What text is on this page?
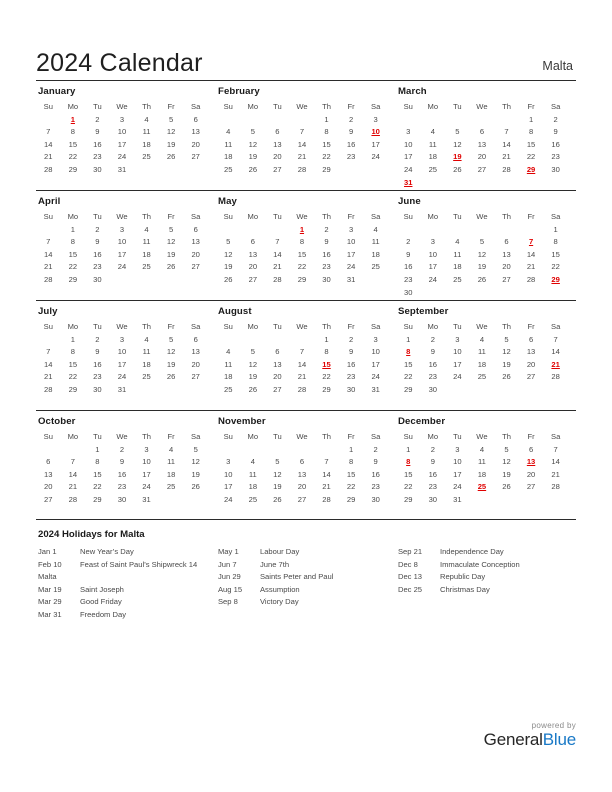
2024 Calendar	Malta
January
Su	Mo	Tu	We	Th	Fr	Sa
	1	2	3	4	5	6
7	8	9	10	11	12	13
14	15	16	17	18	19	20
21	22	23	24	25	26	27
28	29	30	31			

February
Su	Mo	Tu	We	Th	Fr	Sa
				1	2	3
4	5	6	7	8	9	10
11	12	13	14	15	16	17
18	19	20	21	22	23	24
25	26	27	28	29		

March
Su	Mo	Tu	We	Th	Fr	Sa
					1	2
3	4	5	6	7	8	9
10	11	12	13	14	15	16
17	18	19	20	21	22	23
24	25	26	27	28	29	30
31						
April
Su	Mo	Tu	We	Th	Fr	Sa
	1	2	3	4	5	6
7	8	9	10	11	12	13
14	15	16	17	18	19	20
21	22	23	24	25	26	27
28	29	30				

May
Su	Mo	Tu	We	Th	Fr	Sa
			1	2	3	4
5	6	7	8	9	10	11
12	13	14	15	16	17	18
19	20	21	22	23	24	25
26	27	28	29	30	31	

June
Su	Mo	Tu	We	Th	Fr	Sa
						1
2	3	4	5	6	7	8
9	10	11	12	13	14	15
16	17	18	19	20	21	22
23	24	25	26	27	28	29
30						
July
Su	Mo	Tu	We	Th	Fr	Sa
	1	2	3	4	5	6
7	8	9	10	11	12	13
14	15	16	17	18	19	20
21	22	23	24	25	26	27
28	29	30	31			

August
Su	Mo	Tu	We	Th	Fr	Sa
				1	2	3
4	5	6	7	8	9	10
11	12	13	14	15	16	17
18	19	20	21	22	23	24
25	26	27	28	29	30	31

September
Su	Mo	Tu	We	Th	Fr	Sa
1	2	3	4	5	6	7
8	9	10	11	12	13	14
15	16	17	18	19	20	21
22	23	24	25	26	27	28
29	30					

October
Su	Mo	Tu	We	Th	Fr	Sa
		1	2	3	4	5
6	7	8	9	10	11	12
13	14	15	16	17	18	19
20	21	22	23	24	25	26
27	28	29	30	31		

November
Su	Mo	Tu	We	Th	Fr	Sa
					1	2
3	4	5	6	7	8	9
10	11	12	13	14	15	16
17	18	19	20	21	22	23
24	25	26	27	28	29	30

December
Su	Mo	Tu	We	Th	Fr	Sa
1	2	3	4	5	6	7
8	9	10	11	12	13	14
15	16	17	18	19	20	21
22	23	24	25	26	27	28
29	30	31				

2024 Holidays for Malta
Jan 1	New Year’s Day
Feb 10	Feast of Saint Paul’s Shipwreck 14
Malta
Mar 19	Saint Joseph
Mar 29	Good Friday
Mar 31	Freedom Day
May 1	Labour Day
Jun 7	June 7th
Jun 29	Saints Peter and Paul
Aug 15	Assumption
Sep 8	Victory Day
Sep 21	Independence Day
Dec 8	Immaculate Conception
Dec 13	Republic Day
Dec 25	Christmas Day
powered by
GeneralBlue
